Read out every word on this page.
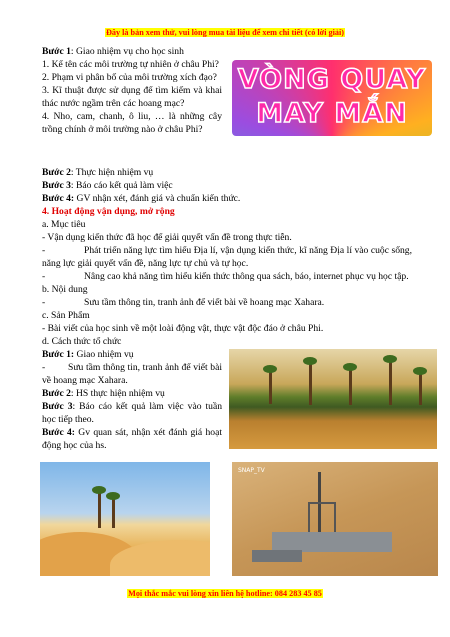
Đây là bản xem thử, vui lòng mua tài liệu để xem chi tiết (có lời giải)

Bước 1: Giao nhiệm vụ cho học sinh

1. Kể tên các môi trường tự nhiên ở châu Phi?

2. Phạm vi phân bố của môi trường xích đạo?

3. Kĩ thuật được sử dụng để tìm kiếm và khai thác nước ngầm trên các hoang mạc?

4. Nho, cam, chanh, ô liu, … là những cây trồng chính ở môi trường nào ở châu Phi?

VÒNG QUAY
MAY MẮN

Bước 2: Thực hiện nhiệm vụ

Bước 3: Báo cáo kết quả làm việc

Bước 4: GV nhận xét, đánh giá và chuẩn kiến thức.

4. Hoạt động vận dụng, mở rộng

a. Mục tiêu

- Vận dụng kiến thức đã học để giải quyết vấn đề trong thực tiễn.

-	Phát triển năng lực tìm hiểu Địa lí, vận dụng kiến thức, kĩ năng Địa lí vào cuộc sống, năng lực giải quyết vấn đề, năng lực tự chủ và tự học.

-	Nâng cao khả năng tìm hiểu kiến thức thông qua sách, báo, internet phục vụ học tập.

b. Nội dung

-	Sưu tầm thông tin, tranh ảnh để viết bài về hoang mạc Xahara.

c. Sản Phẩm

- Bài viết của học sinh về một loài động vật, thực vật độc đáo ở châu Phi.

d. Cách thức tổ chức

Bước 1: Giao nhiệm vụ

- Sưu tầm thông tin, tranh ảnh để viết bài về hoang mạc Xahara.

Bước 2: HS thực hiện nhiệm vụ

Bước 3: Báo cáo kết quả làm việc vào tuần học tiếp theo.

Bước 4: Gv quan sát, nhận xét đánh giá hoạt động học của hs.

SNAP_TV
Mọi thắc mắc vui lòng xin liên hệ hotline: 084 283 45 85
